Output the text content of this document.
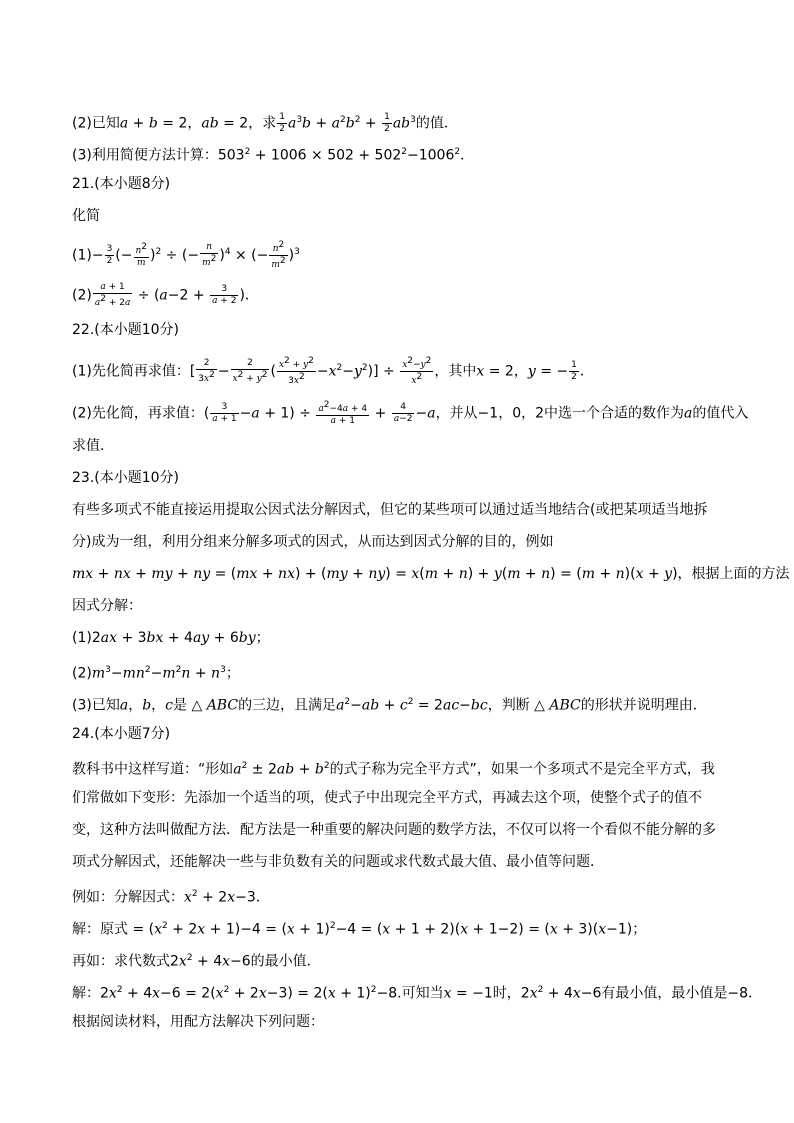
(2)已知a + b = 2，ab = 2，求 $\frac{1}{2} a^3b + a^2b^2 + \frac{1}{2} ab^3$的值．
(3)利用简便方法计算：$503^2 + 1006 \times 502 + 502^2-1006^2$．
21.(本小题8分)
化简
$(1)- \frac{3}{2}$ (− $\frac{n^2}{m} )^2$ ÷ (− $\frac{n}{m^2} )^4$ × (− $\frac{n^2}{m^2} )^3$
$(2) \frac{a + 1}{a^2 + 2a} \div (a-2 + \frac{3}{a + 2}$ )．
22.(本小题10分)
(1)先化简再求值：[ $\frac{2}{3x^2} - \frac{2}{x^2 + y^2}$ ( $\frac{x^2 + y^2}{3x^2} -x^2-y^2)] \div \frac{x^2-y^2}{x^2}$ ，其中x = 2，y = − $\frac{1}{2}$ ．
(2)先化简，再求值：( $\frac{3}{a + 1} -a + 1) \div \frac{a^2-4a + 4}{a + 1} + \frac{4}{a-2} -a$，并从−1，0，2中选一个合适的数作为a的值代入
求值．
23.(本小题10分)
有些多项式不能直接运用提取公因式法分解因式，但它的某些项可以通过适当地结合(或把某项适当地拆
分)成为一组，利用分组来分解多项式的因式，从而达到因式分解的目的，例如
mx + nx + my + ny = (mx + nx) + (my + ny) = x(m + n) + y(m + n) = (m + n)(x + y)，根据上面的方法
因式分解：
(1)2ax + 3bx + 4ay + 6by；
$(2)m^3-mn^2-m^2n + n^3$；
(3)已知a，b，c是 △ ABC的三边，且满足$a^2-ab + c^2 = 2ac-bc$，判断 △ ABC的形状并说明理由．
24.(本小题7分)
教科书中这样写道：“形如$a^2 \pm 2ab + b^2$的式子称为完全平方式”，如果一个多项式不是完全平方式，我
们常做如下变形：先添加一个适当的项，使式子中出现完全平方式，再减去这个项，使整个式子的值不
变，这种方法叫做配方法．配方法是一种重要的解决问题的数学方法，不仅可以将一个看似不能分解的多
项式分解因式，还能解决一些与非负数有关的问题或求代数式最大值、最小值等问题．
例如：分解因式：$x^2 + 2x-3$．
解：原式 = $(x^2 + 2x + 1)-4 = (x + 1)^2-4 = (x + 1 + 2)(x + 1-2) = (x + 3)(x-1)$；
再如：求代数式$2x^2 + 4x-6$的最小值．
解：$2x^2 + 4x-6 = 2(x^2 + 2x-3) = 2(x + 1)^2-8$.可知当x = −1时，$2x^2 + 4x-6$有最小值，最小值是−8．
根据阅读材料，用配方法解决下列问题：
